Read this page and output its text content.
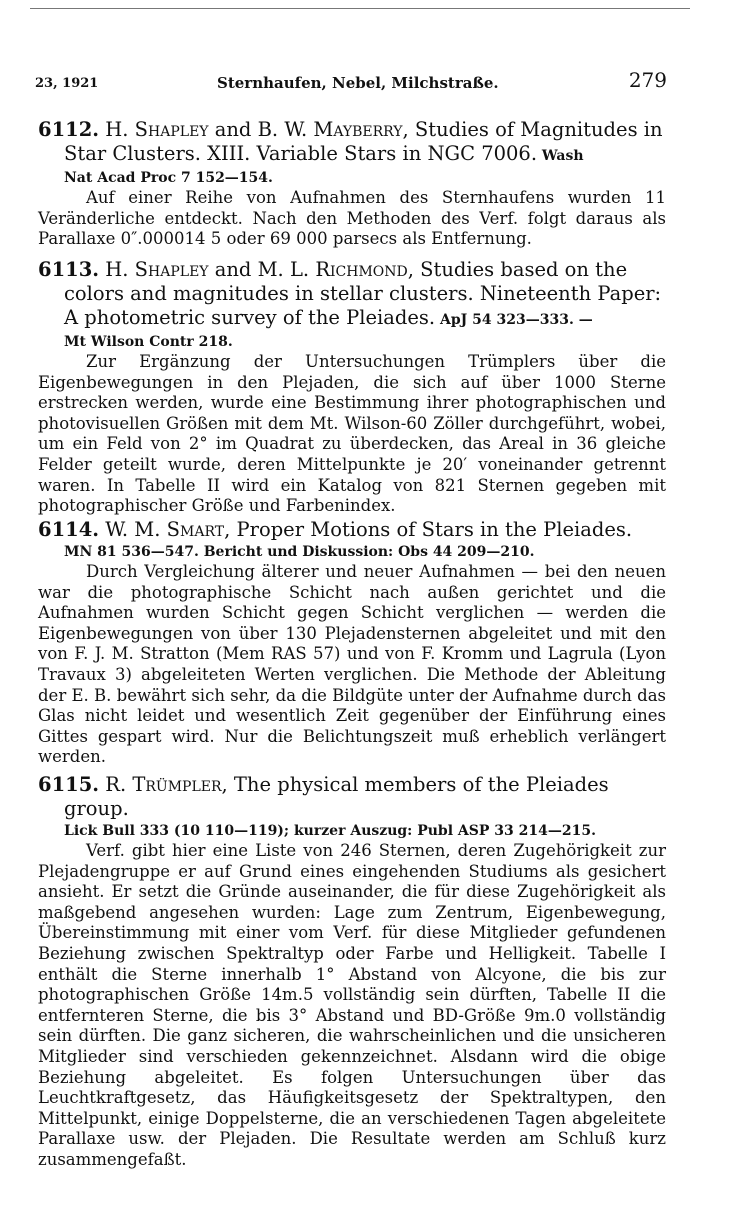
23, 1921	Sternhaufen, Nebel, Milchstraße.	279

6112. H. Shapley and B. W. Mayberry, Studies of Magnitudes in Star Clusters. XIII. Variable Stars in NGC 7006. Wash

Nat Acad Proc 7 152—154.

Auf einer Reihe von Aufnahmen des Sternhaufens wurden 11 Veränderliche entdeckt. Nach den Methoden des Verf. folgt daraus als Parallaxe 0″.000014 5 oder 69 000 parsecs als Entfernung.

6113. H. Shapley and M. L. Richmond, Studies based on the colors and magnitudes in stellar clusters. Nineteenth Paper: A photometric survey of the Pleiades. ApJ 54 323—333. —

Mt Wilson Contr 218.

Zur Ergänzung der Untersuchungen Trümplers über die Eigenbewegungen in den Plejaden, die sich auf über 1000 Sterne erstrecken werden, wurde eine Bestimmung ihrer photographischen und photovisuellen Größen mit dem Mt. Wilson-60 Zöller durchgeführt, wobei, um ein Feld von 2° im Quadrat zu überdecken, das Areal in 36 gleiche Felder geteilt wurde, deren Mittelpunkte je 20′ voneinander getrennt waren. In Tabelle II wird ein Katalog von 821 Sternen gegeben mit photographischer Größe und Farbenindex.

6114. W. M. Smart, Proper Motions of Stars in the Pleiades.

MN 81 536—547. Bericht und Diskussion: Obs 44 209—210.

Durch Vergleichung älterer und neuer Aufnahmen — bei den neuen war die photographische Schicht nach außen gerichtet und die Aufnahmen wurden Schicht gegen Schicht verglichen — werden die Eigenbewegungen von über 130 Plejadensternen abgeleitet und mit den von F. J. M. Stratton (Mem RAS 57) und von F. Kromm und Lagrula (Lyon Travaux 3) abgeleiteten Werten verglichen. Die Methode der Ableitung der E. B. bewährt sich sehr, da die Bildgüte unter der Aufnahme durch das Glas nicht leidet und wesentlich Zeit gegenüber der Einführung eines Gittes gespart wird. Nur die Belichtungszeit muß erheblich verlängert werden.

6115. R. Trümpler, The physical members of the Pleiades group.

Lick Bull 333 (10 110—119); kurzer Auszug: Publ ASP 33 214—215.

Verf. gibt hier eine Liste von 246 Sternen, deren Zugehörigkeit zur Plejadengruppe er auf Grund eines eingehenden Studiums als gesichert ansieht. Er setzt die Gründe auseinander, die für diese Zugehörigkeit als maßgebend angesehen wurden: Lage zum Zentrum, Eigenbewegung, Übereinstimmung mit einer vom Verf. für diese Mitglieder gefundenen Beziehung zwischen Spektraltyp oder Farbe und Helligkeit. Tabelle I enthält die Sterne innerhalb 1° Abstand von Alcyone, die bis zur photographischen Größe 14m.5 vollständig sein dürften, Tabelle II die entfernteren Sterne, die bis 3° Abstand und BD-Größe 9m.0 vollständig sein dürften. Die ganz sicheren, die wahrscheinlichen und die unsicheren Mitglieder sind verschieden gekennzeichnet. Alsdann wird die obige Beziehung abgeleitet. Es folgen Untersuchungen über das Leuchtkraftgesetz, das Häufigkeitsgesetz der Spektraltypen, den Mittelpunkt, einige Doppelsterne, die an verschiedenen Tagen abgeleitete Parallaxe usw. der Plejaden. Die Resultate werden am Schluß kurz zusammengefaßt.
